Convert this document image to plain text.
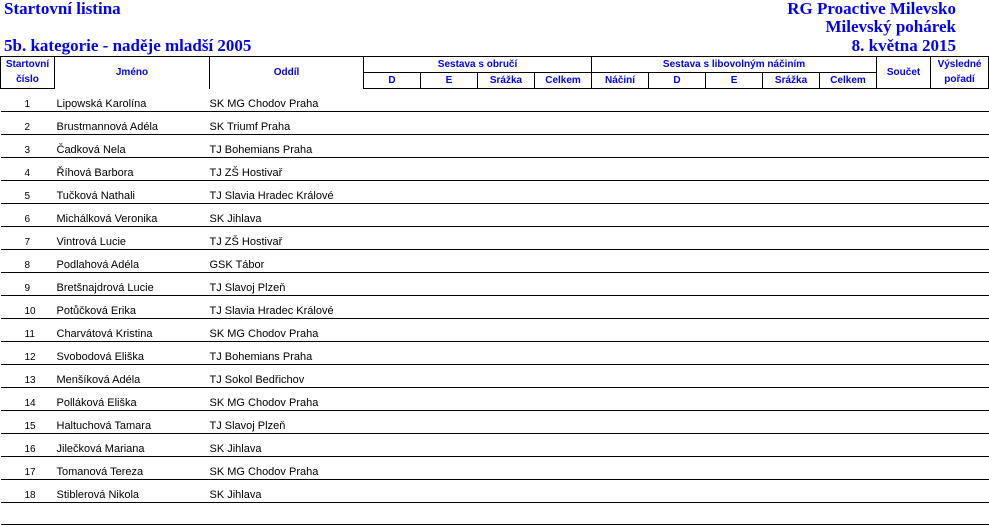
Startovní listina	RG Proactive Milevsko
Milevský pohárek
5b. kategorie - naděje mladší 2005	8. května 2015
Startovní	Jméno	Oddíl	Sestava s obručí				Sestava s libovolným náčiním					Součet	Výsledné
číslo			D	E	Srážka	Celkem	Náčiní	D	E	Srážka	Celkem		pořadí
1	Lipowská Karolína	SK MG Chodov Praha											
2	Brustmannová Adéla	SK Triumf Praha											
3	Čadková Nela	TJ Bohemians Praha											
4	Říhová Barbora	TJ ZŠ Hostivař											
5	Tučková Nathali	TJ Slavia Hradec Králové											
6	Michálková Veronika	SK Jihlava											
7	Vintrová Lucie	TJ ZŠ Hostivař											
8	Podlahová Adéla	GSK Tábor											
9	Bretšnajdrová Lucie	TJ Slavoj Plzeň											
10	Potůčková Erika	TJ Slavia Hradec Králové											
11	Charvátová Kristina	SK MG Chodov Praha											
12	Svobodová Eliška	TJ Bohemians Praha											
13	Menšíková Adéla	TJ Sokol Bedřichov											
14	Polláková Eliška	SK MG Chodov Praha											
15	Haltuchová Tamara	TJ Slavoj Plzeň											
16	Jilečková Mariana	SK Jihlava											
17	Tomanová Tereza	SK MG Chodov Praha											
18	Stiblerová Nikola	SK Jihlava											
